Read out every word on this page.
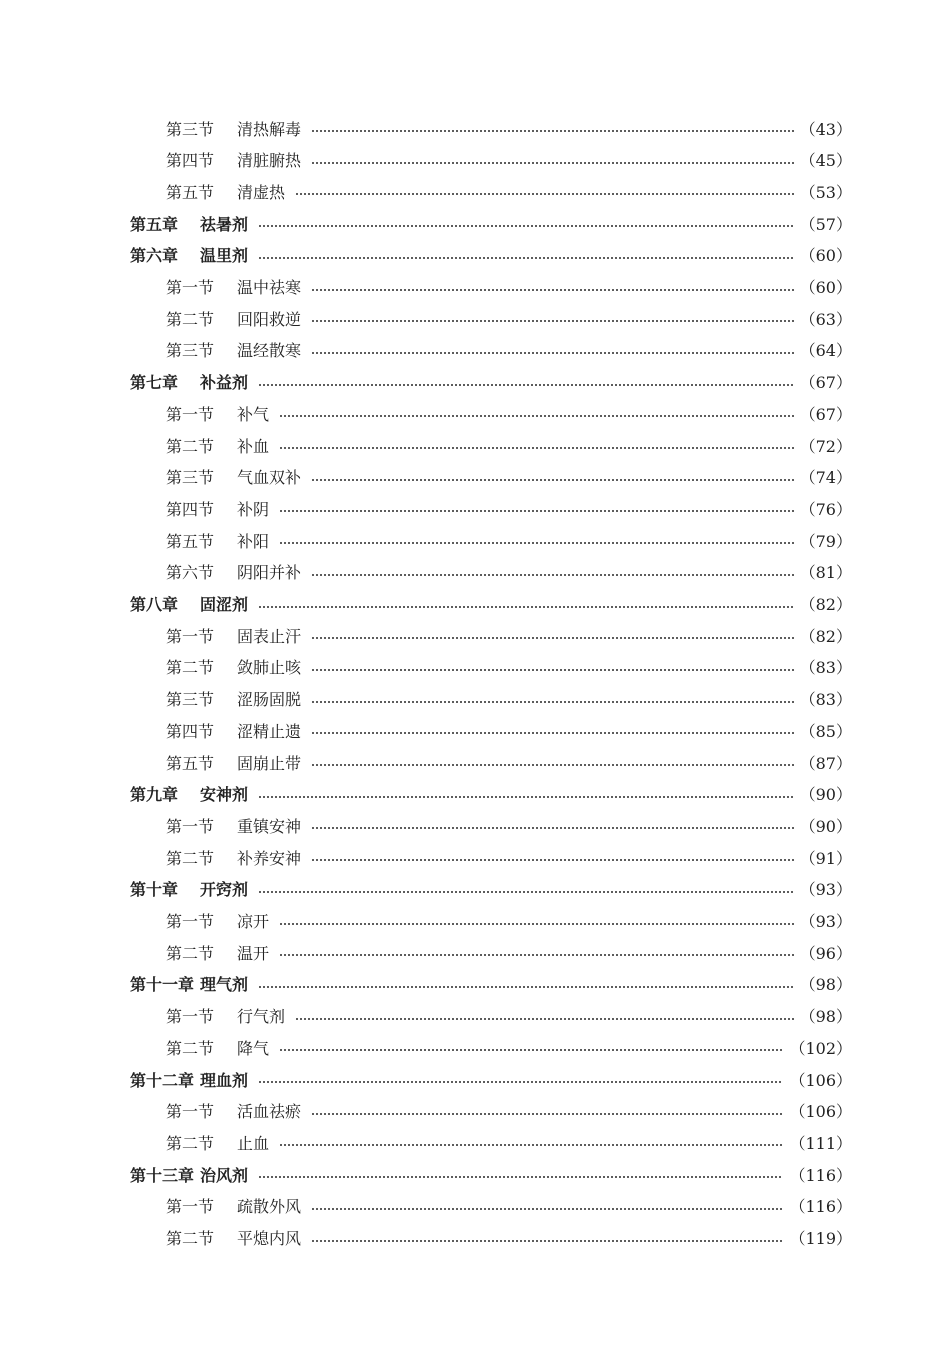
第三节	清热解毒	（43）
第四节	清脏腑热	（45）
第五节	清虚热	（53）
第五章	祛暑剂	（57）
第六章	温里剂	（60）
第一节	温中祛寒	（60）
第二节	回阳救逆	（63）
第三节	温经散寒	（64）
第七章	补益剂	（67）
第一节	补气	（67）
第二节	补血	（72）
第三节	气血双补	（74）
第四节	补阴	（76）
第五节	补阳	（79）
第六节	阴阳并补	（81）
第八章	固涩剂	（82）
第一节	固表止汗	（82）
第二节	敛肺止咳	（83）
第三节	涩肠固脱	（83）
第四节	涩精止遗	（85）
第五节	固崩止带	（87）
第九章	安神剂	（90）
第一节	重镇安神	（90）
第二节	补养安神	（91）
第十章	开窍剂	（93）
第一节	凉开	（93）
第二节	温开	（96）
第十一章 理气剂	（98）
第一节	行气剂	（98）
第二节	降气	（102）
第十二章 理血剂	（106）
第一节	活血祛瘀	（106）
第二节	止血	（111）
第十三章 治风剂	（116）
第一节	疏散外风	（116）
第二节	平熄内风	（119）
